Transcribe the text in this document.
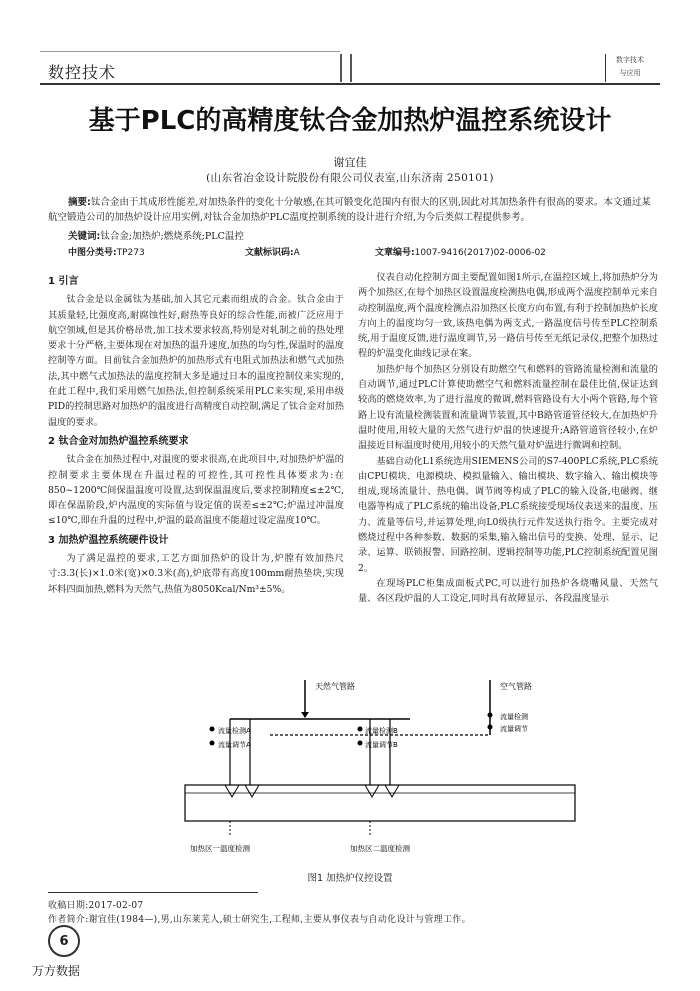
数控技术
数字技术
与应用
基于PLC的高精度钛合金加热炉温控系统设计
谢宜佳
(山东省冶金设计院股份有限公司仪表室,山东济南 250101)
摘要:钛合金由于其成形性能差,对加热条件的变化十分敏感,在其可锻变化范围内有很大的区别,因此对其加热条件有很高的要求。本文通过某航空锻造公司的加热炉设计应用实例,对钛合金加热炉PLC温度控制系统的设计进行介绍,为今后类似工程提供参考。
关键词:钛合金;加热炉;燃烧系统;PLC温控
中图分类号:TP273	文献标识码:A	文章编号:1007-9416(2017)02-0006-02
1 引言

钛合金是以金属钛为基础,加入其它元素而组成的合金。钛合金由于其质量轻,比强度高,耐腐蚀性好,耐热等良好的综合性能,而被广泛应用于航空领域,但是其价格昂贵,加工技术要求较高,特别是对轧制之前的热处理要求十分严格,主要体现在对加热的温升速度,加热的均匀性,保温时的温度控制等方面。目前钛合金加热炉的加热形式有电阻式加热法和燃气式加热法,其中燃气式加热法的温度控制大多是通过日本的温度控制仪来实现的,在此工程中,我们采用燃气加热法,但控制系统采用PLC来实现,采用串级PID的控制思路对加热炉的温度进行高精度自动控制,满足了钛合金对加热温度的要求。

2 钛合金对加热炉温控系统要求

钛合金在加热过程中,对温度的要求很高,在此项目中,对加热炉炉温的控制要求主要体现在升温过程的可控性,其可控性具体要求为:在850~1200℃间保温温度可设置,达到保温温度后,要求控制精度≤±2℃,即在保温阶段,炉内温度的实际值与设定值的误差≤±2℃;炉温过冲温度≤10℃,即在升温的过程中,炉温的最高温度不能超过设定温度10℃。

3 加热炉温控系统硬件设计

为了满足温控的要求,工艺方面加热炉的设计为,炉膛有效加热尺寸:3.3(长)×1.0米(宽)×0.3米(高),炉底带有高度100mm耐热垫块,实现坏料四面加热,燃料为天然气,热值为8050Kcal/Nm³±5%。

仪表自动化控制方面主要配置如图1所示,在温控区域上,将加热炉分为两个加热区,在每个加热区设置温度检测热电偶,形成两个温度控制单元来自动控制温度,两个温度检测点沿加热区长度方向布置,有利于控制加热炉长度方向上的温度均匀一致,该热电偶为两支式,一路温度信号传至PLC控制系统,用于温度反馈,进行温度调节,另一路信号传至无纸记录仪,把整个加热过程的炉温变化曲线记录在案。

加热炉每个加热区分别设有助燃空气和燃料的管路流量检测和流量的自动调节,通过PLC计算使助燃空气和燃料流量控制在最佳比值,保证达到较高的燃烧效率,为了进行温度的微调,燃料管路设有大小两个管路,每个管路上设有流量检测装置和流量调节装置,其中B路管道管径较大,在加热炉升温时使用,用较大量的天然气进行炉温的快速提升;A路管道管径较小,在炉温接近目标温度时使用,用较小的天然气量对炉温进行微调和控制。

基础自动化L1系统选用SIEMENS公司的S7-400PLC系统,PLC系统由CPU模块、电源模块、模拟量输入、输出模块、数字输入、输出模块等组成,现场流量计、热电偶、调节阀等构成了PLC的输入设备,电磁阀、继电器等构成了PLC系统的输出设备,PLC系统接受现场仪表送来的温度、压力、流量等信号,并运算处理,向L0级执行元件发送执行指令。主要完成对燃烧过程中各种参数、数据的采集,输入输出信号的变换、处理、显示、记录、运算、联锁报警、回路控制、逻辑控制等功能,PLC控制系统配置见图2。

在现场PLC柜集成面板式PC,可以进行加热炉各烧嘴风量、天然气量、各区段炉温的人工设定,同时具有故障显示、各段温度显示

天然气管路
流量检测A
流量调节A
流量检测B
流量调节B
空气管路
流量检测
流量调节
加热区一温度检测	加热区二温度检测
图1 加热炉仪控设置
收稿日期:2017-02-07
作者简介:谢宜佳(1984—),男,山东莱芜人,硕士研究生,工程师,主要从事仪表与自动化设计与管理工作。
6
万方数据
